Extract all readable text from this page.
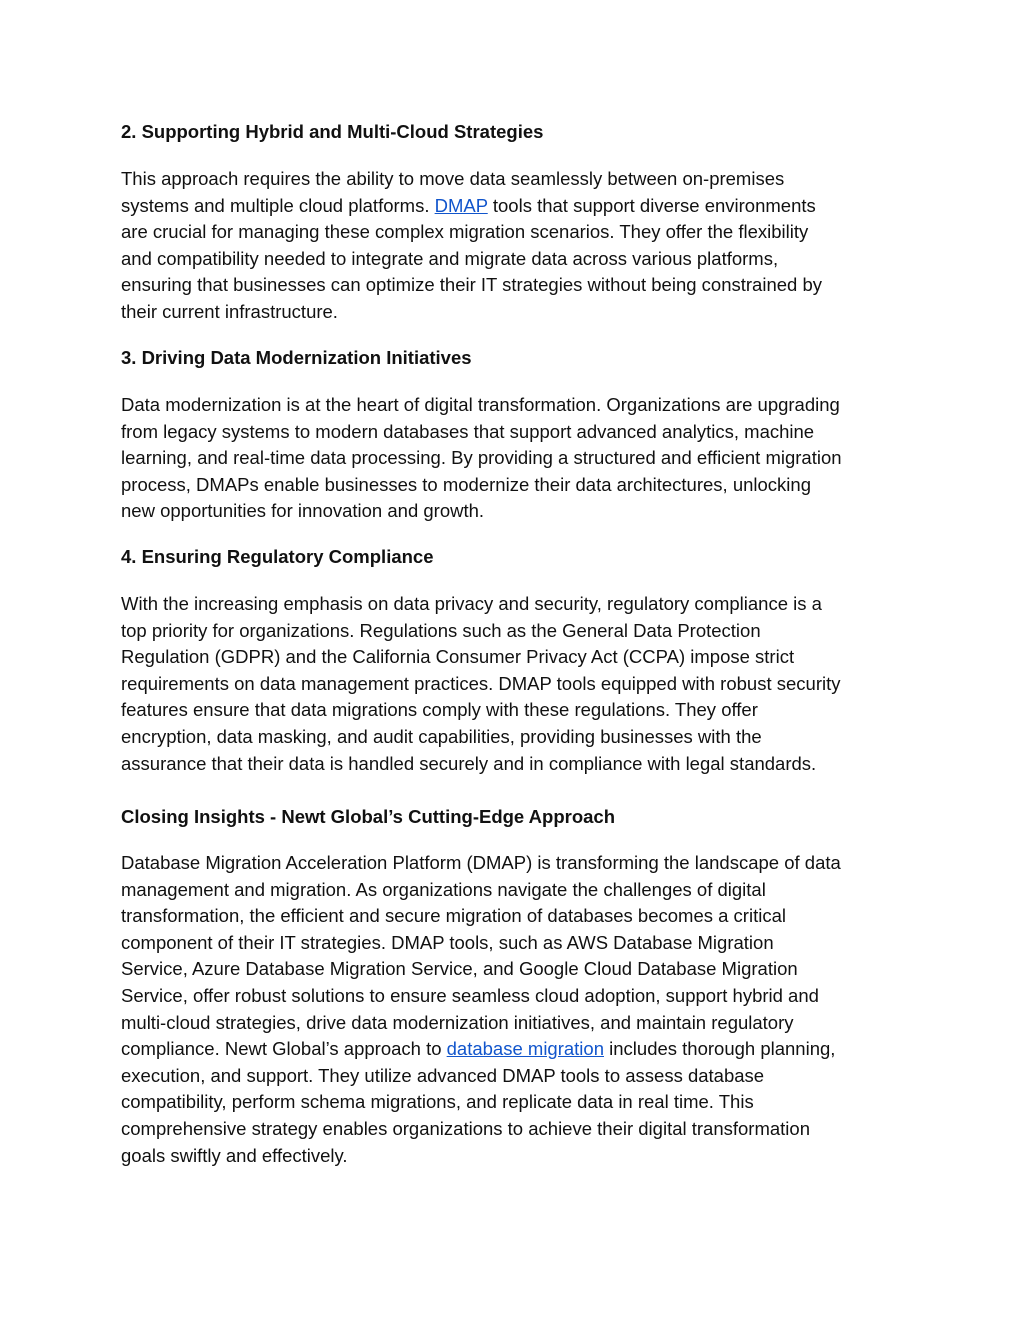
2. Supporting Hybrid and Multi-Cloud Strategies
This approach requires the ability to move data seamlessly between on-premises
systems and multiple cloud platforms. DMAP tools that support diverse environments
are crucial for managing these complex migration scenarios. They offer the flexibility
and compatibility needed to integrate and migrate data across various platforms,
ensuring that businesses can optimize their IT strategies without being constrained by
their current infrastructure.
3. Driving Data Modernization Initiatives
Data modernization is at the heart of digital transformation. Organizations are upgrading
from legacy systems to modern databases that support advanced analytics, machine
learning, and real-time data processing. By providing a structured and efficient migration
process, DMAPs enable businesses to modernize their data architectures, unlocking
new opportunities for innovation and growth.
4. Ensuring Regulatory Compliance
With the increasing emphasis on data privacy and security, regulatory compliance is a
top priority for organizations. Regulations such as the General Data Protection
Regulation (GDPR) and the California Consumer Privacy Act (CCPA) impose strict
requirements on data management practices. DMAP tools equipped with robust security
features ensure that data migrations comply with these regulations. They offer
encryption, data masking, and audit capabilities, providing businesses with the
assurance that their data is handled securely and in compliance with legal standards.
Closing Insights - Newt Global’s Cutting-Edge Approach
Database Migration Acceleration Platform (DMAP) is transforming the landscape of data
management and migration. As organizations navigate the challenges of digital
transformation, the efficient and secure migration of databases becomes a critical
component of their IT strategies. DMAP tools, such as AWS Database Migration
Service, Azure Database Migration Service, and Google Cloud Database Migration
Service, offer robust solutions to ensure seamless cloud adoption, support hybrid and
multi-cloud strategies, drive data modernization initiatives, and maintain regulatory
compliance. Newt Global’s approach to database migration includes thorough planning,
execution, and support. They utilize advanced DMAP tools to assess database
compatibility, perform schema migrations, and replicate data in real time. This
comprehensive strategy enables organizations to achieve their digital transformation
goals swiftly and effectively.
